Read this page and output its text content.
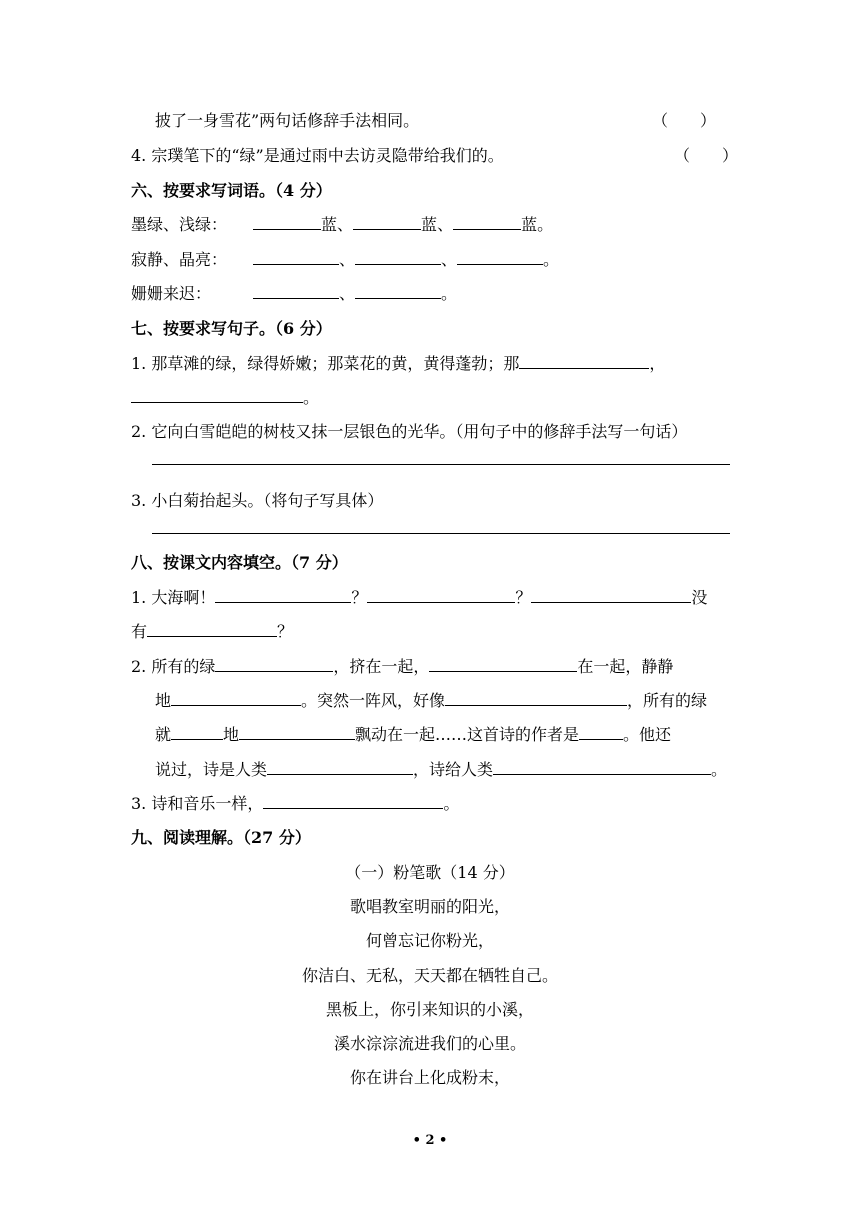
披了一身雪花”两句话修辞手法相同。	（　　）
4. 宗璞笔下的“绿”是通过雨中去访灵隐带给我们的。	（　　）
六、按要求写词语。（4 分）
墨绿、浅绿：	蓝、	蓝、	蓝。
寂静、晶亮：	、	、	。
姗姗来迟：	、	。
七、按要求写句子。（6 分）
1. 那草滩的绿，绿得娇嫩；那菜花的黄，黄得蓬勃；那	，
。
2. 它向白雪皑皑的树枝又抹一层银色的光华。（用句子中的修辞手法写一句话）
3. 小白菊抬起头。（将句子写具体）
八、按课文内容填空。（7 分）
1. 大海啊！	？	？	没
有	？
2. 所有的绿	，挤在一起，	在一起，静静
地	。突然一阵风，好像	，所有的绿
就	地	飘动在一起……这首诗的作者是	。他还
说过，诗是人类	，诗给人类	。
3. 诗和音乐一样，	。
九、阅读理解。（27 分）
（一）粉笔歌（14 分）
歌唱教室明丽的阳光，
何曾忘记你粉光，
你洁白、无私，天天都在牺牲自己。
黑板上，你引来知识的小溪，
溪水淙淙流进我们的心里。
你在讲台上化成粉末，
• 2 •
